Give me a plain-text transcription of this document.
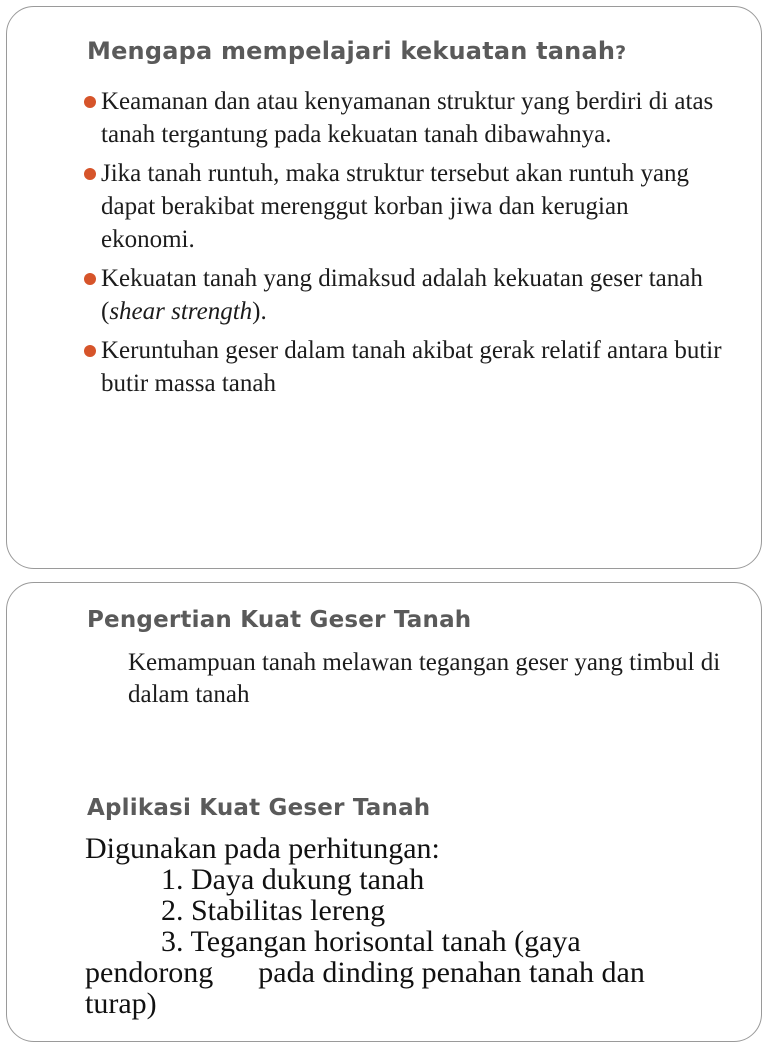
Mengapa mempelajari kekuatan tanah?
Keamanan dan atau kenyamanan struktur yang berdiri di atas tanah tergantung pada kekuatan tanah dibawahnya.
Jika tanah runtuh, maka struktur tersebut akan runtuh yang dapat berakibat merenggut korban jiwa dan kerugian ekonomi.
Kekuatan tanah yang dimaksud adalah kekuatan geser tanah (shear strength).
Keruntuhan geser dalam tanah akibat gerak relatif antara butir butir massa tanah
Pengertian Kuat Geser Tanah
Kemampuan tanah melawan tegangan geser yang timbul di dalam tanah
Aplikasi Kuat Geser Tanah
Digunakan pada perhitungan:
1. Daya dukung tanah
2. Stabilitas lereng
3. Tegangan horisontal tanah (gaya
pendorong      pada dinding penahan tanah dan
turap)
